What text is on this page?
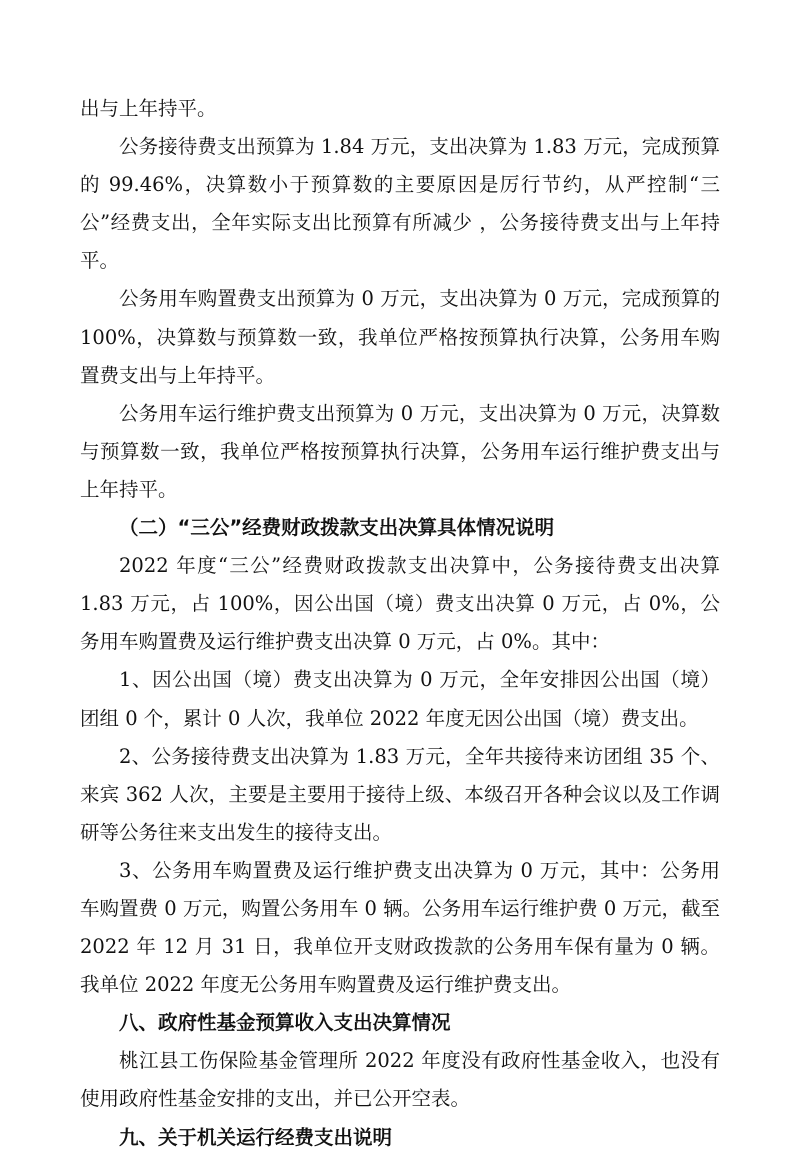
出与上年持平。

公务接待费支出预算为 1.84 万元，支出决算为 1.83 万元，完成预算的 99.46%，决算数小于预算数的主要原因是厉行节约，从严控制“三公”经费支出，全年实际支出比预算有所减少 ，公务接待费支出与上年持平。

公务用车购置费支出预算为 0 万元，支出决算为 0 万元，完成预算的 100%，决算数与预算数一致，我单位严格按预算执行决算，公务用车购置费支出与上年持平。

公务用车运行维护费支出预算为 0 万元，支出决算为 0 万元，决算数与预算数一致，我单位严格按预算执行决算，公务用车运行维护费支出与上年持平。

（二）“三公”经费财政拨款支出决算具体情况说明

2022 年度“三公”经费财政拨款支出决算中，公务接待费支出决算 1.83 万元，占 100%，因公出国（境）费支出决算 0 万元，占 0%，公务用车购置费及运行维护费支出决算 0 万元，占 0%。其中：

1、因公出国（境）费支出决算为 0 万元，全年安排因公出国（境）团组 0 个，累计 0 人次，我单位 2022 年度无因公出国（境）费支出。

2、公务接待费支出决算为 1.83 万元，全年共接待来访团组 35 个、来宾 362 人次，主要是主要用于接待上级、本级召开各种会议以及工作调研等公务往来支出发生的接待支出。

3、公务用车购置费及运行维护费支出决算为 0 万元，其中：公务用车购置费 0 万元，购置公务用车 0 辆。公务用车运行维护费 0 万元，截至 2022 年 12 月 31 日，我单位开支财政拨款的公务用车保有量为 0 辆。我单位 2022 年度无公务用车购置费及运行维护费支出。

八、政府性基金预算收入支出决算情况

桃江县工伤保险基金管理所 2022 年度没有政府性基金收入，也没有使用政府性基金安排的支出，并已公开空表。

九、关于机关运行经费支出说明
